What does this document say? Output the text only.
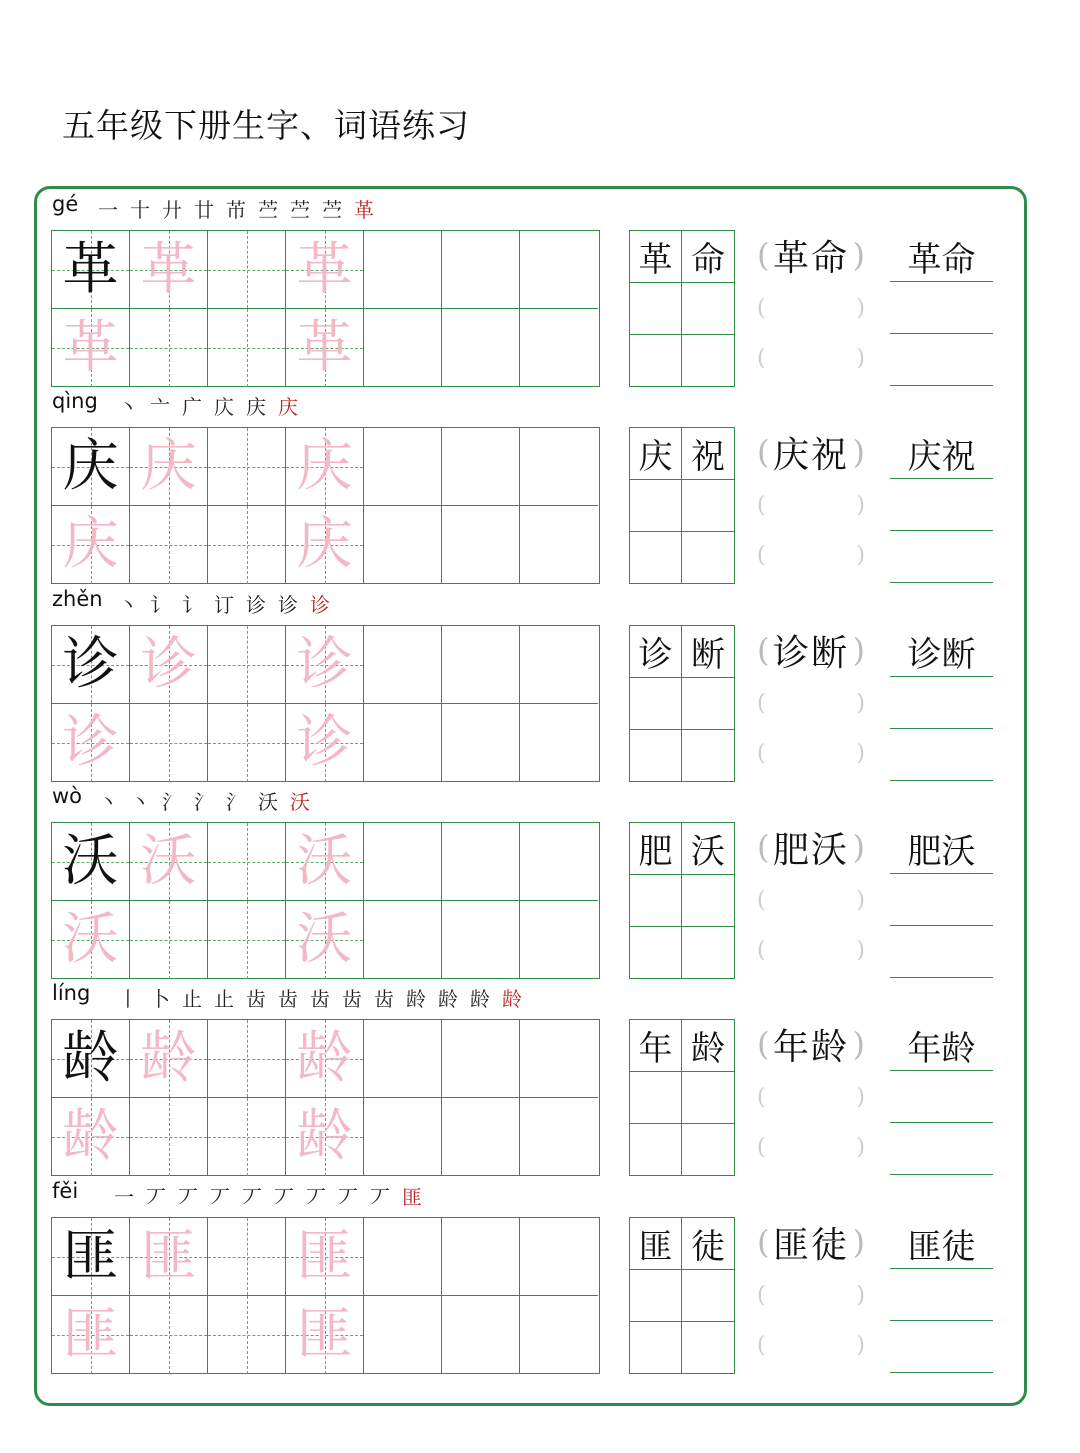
五年级下册生字、词语练习
gé 一 十 廾 廿 芇 苎 苎 苎 革
革 革 革
革	革
革 命 ( 革命 )
(	)
(	)
革命
qìng	丶 亠 广 庂 庆 庆
庆 庆 庆
庆	庆
庆 祝 ( 庆祝 )
(	)
(	)
庆祝
zhěn 丶 讠 讠 订 诊 诊 诊
诊 诊 诊
诊	诊
诊 断 ( 诊断 )
(	)
(	)
诊断
wò 丶 丶 氵 氵 氵 沃 沃
沃 沃 沃
沃	沃
肥 沃 ( 肥沃 )
(	)
(	)
肥沃
líng	丨 卜 止 止 齿 齿 齿 齿 齿 龄 龄 龄 龄
龄 龄 龄
龄	龄
年 龄 ( 年龄 )
(	)
(	)
年龄
fěi	一 丆 丆 丆 丆 丆 丆 丆 丆 匪
匪 匪 匪
匪	匪
匪 徒 ( 匪徒 )
(	)
(	)
匪徒
